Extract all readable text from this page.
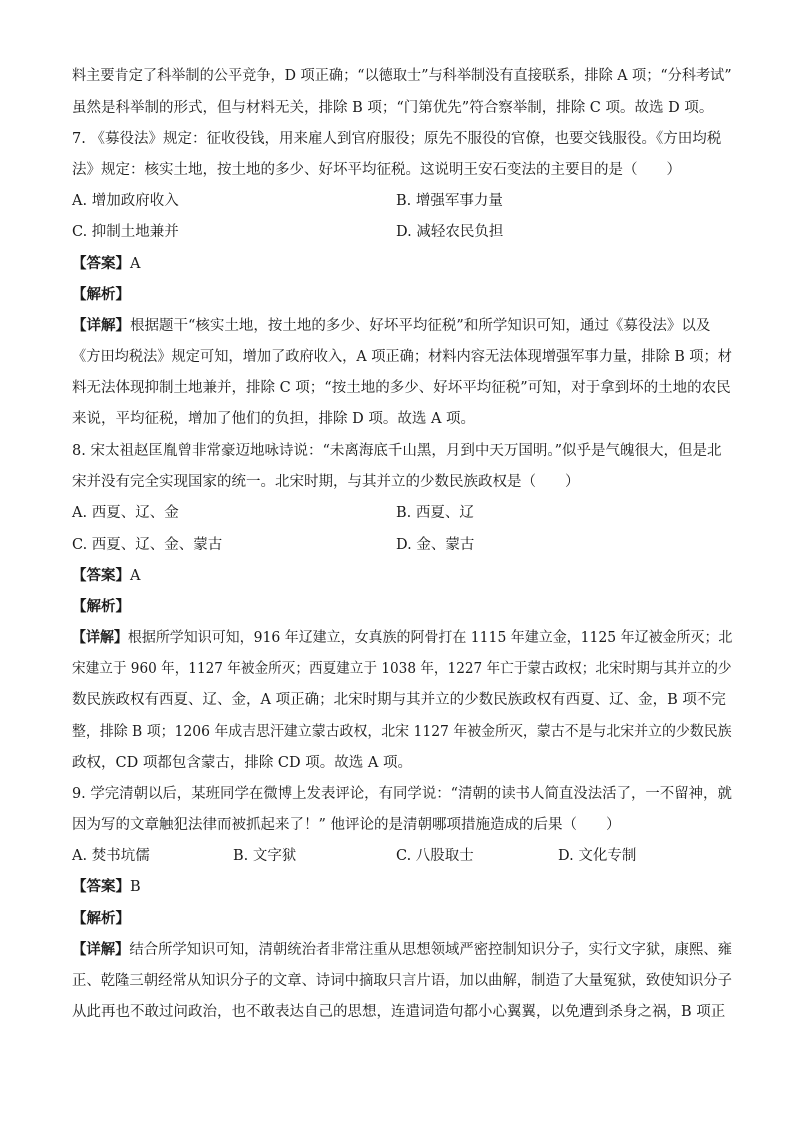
料主要肯定了科举制的公平竞争，D 项正确；“以德取士”与科举制没有直接联系，排除 A 项；“分科考试”
虽然是科举制的形式，但与材料无关，排除 B 项；“门第优先”符合察举制，排除 C 项。故选 D 项。
7. 《募役法》规定：征收役钱，用来雇人到官府服役；原先不服役的官僚，也要交钱服役。《方田均税
法》规定：核实土地，按土地的多少、好坏平均征税。这说明王安石变法的主要目的是（　　）
A. 增加政府收入	B. 增强军事力量
C. 抑制土地兼并	D. 减轻农民负担
【答案】A
【解析】
【详解】根据题干“核实土地，按土地的多少、好坏平均征税”和所学知识可知，通过《募役法》以及
《方田均税法》规定可知，增加了政府收入，A 项正确；材料内容无法体现增强军事力量，排除 B 项；材
料无法体现抑制土地兼并，排除 C 项；“按土地的多少、好坏平均征税”可知，对于拿到坏的土地的农民
来说，平均征税，增加了他们的负担，排除 D 项。故选 A 项。
8. 宋太祖赵匡胤曾非常豪迈地咏诗说：“未离海底千山黑，月到中天万国明。”似乎是气魄很大，但是北
宋并没有完全实现国家的统一。北宋时期，与其并立的少数民族政权是（　　）
A. 西夏、辽、金	B. 西夏、辽
C. 西夏、辽、金、蒙古	D. 金、蒙古
【答案】A
【解析】
【详解】根据所学知识可知，916 年辽建立，女真族的阿骨打在 1115 年建立金，1125 年辽被金所灭；北
宋建立于 960 年，1127 年被金所灭；西夏建立于 1038 年，1227 年亡于蒙古政权；北宋时期与其并立的少
数民族政权有西夏、辽、金，A 项正确；北宋时期与其并立的少数民族政权有西夏、辽、金，B 项不完
整，排除 B 项；1206 年成吉思汗建立蒙古政权，北宋 1127 年被金所灭，蒙古不是与北宋并立的少数民族
政权，CD 项都包含蒙古，排除 CD 项。故选 A 项。
9. 学完清朝以后，某班同学在微博上发表评论，有同学说：“清朝的读书人简直没法活了，一不留神，就
因为写的文章触犯法律而被抓起来了！” 他评论的是清朝哪项措施造成的后果（　　）
A. 焚书坑儒	B. 文字狱	C. 八股取士	D. 文化专制
【答案】B
【解析】
【详解】结合所学知识可知，清朝统治者非常注重从思想领域严密控制知识分子，实行文字狱，康熙、雍
正、乾隆三朝经常从知识分子的文章、诗词中摘取只言片语，加以曲解，制造了大量冤狱，致使知识分子
从此再也不敢过问政治，也不敢表达自己的思想，连遣词造句都小心翼翼，以免遭到杀身之祸，B 项正
